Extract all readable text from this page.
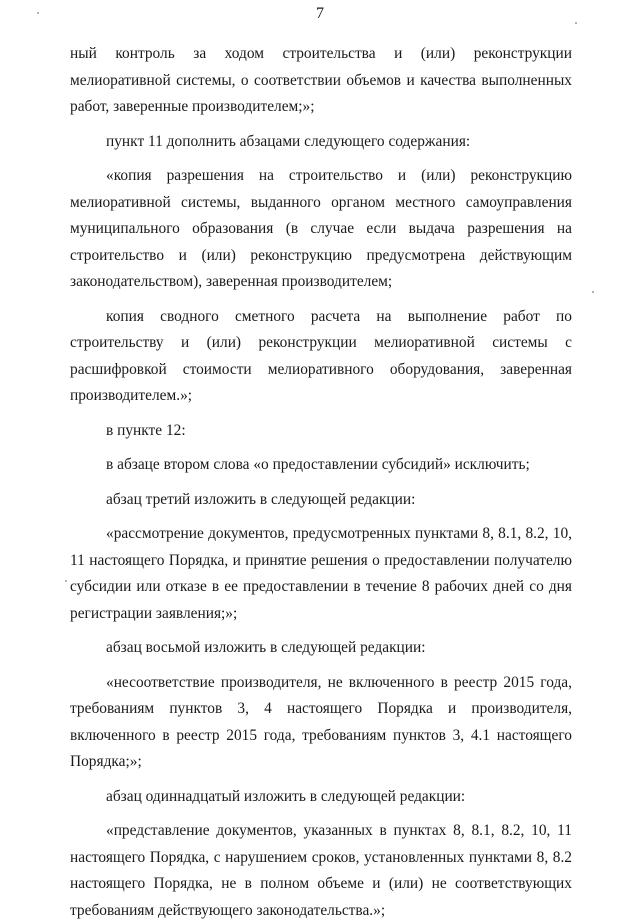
7

ный контроль за ходом строительства и (или) реконструкции мелиоративной системы, о соответствии объемов и качества выполненных работ, заверенные производителем;»;

пункт 11 дополнить абзацами следующего содержания:

«копия разрешения на строительство и (или) реконструкцию мелиоративной системы, выданного органом местного самоуправления муниципального образования (в случае если выдача разрешения на строительство и (или) реконструкцию предусмотрена действующим законодательством), заверенная производителем;

копия сводного сметного расчета на выполнение работ по строительству и (или) реконструкции мелиоративной системы с расшифровкой стоимости мелиоративного оборудования, заверенная производителем.»;

в пункте 12:

в абзаце втором слова «о предоставлении субсидий» исключить;

абзац третий изложить в следующей редакции:

«рассмотрение документов, предусмотренных пунктами 8, 8.1, 8.2, 10, 11 настоящего Порядка, и принятие решения о предоставлении получателю субсидии или отказе в ее предоставлении в течение 8 рабочих дней со дня регистрации заявления;»;

абзац восьмой изложить в следующей редакции:

«несоответствие производителя, не включенного в реестр 2015 года, требованиям пунктов 3, 4 настоящего Порядка и производителя, включенного в реестр 2015 года, требованиям пунктов 3, 4.1 настоящего Порядка;»;

абзац одиннадцатый изложить в следующей редакции:

«представление документов, указанных в пунктах 8, 8.1, 8.2, 10, 11 настоящего Порядка, с нарушением сроков, установленных пунктами 8, 8.2 настоящего Порядка, не в полном объеме и (или) не соответствующих требованиям действующего законодательства.»;
